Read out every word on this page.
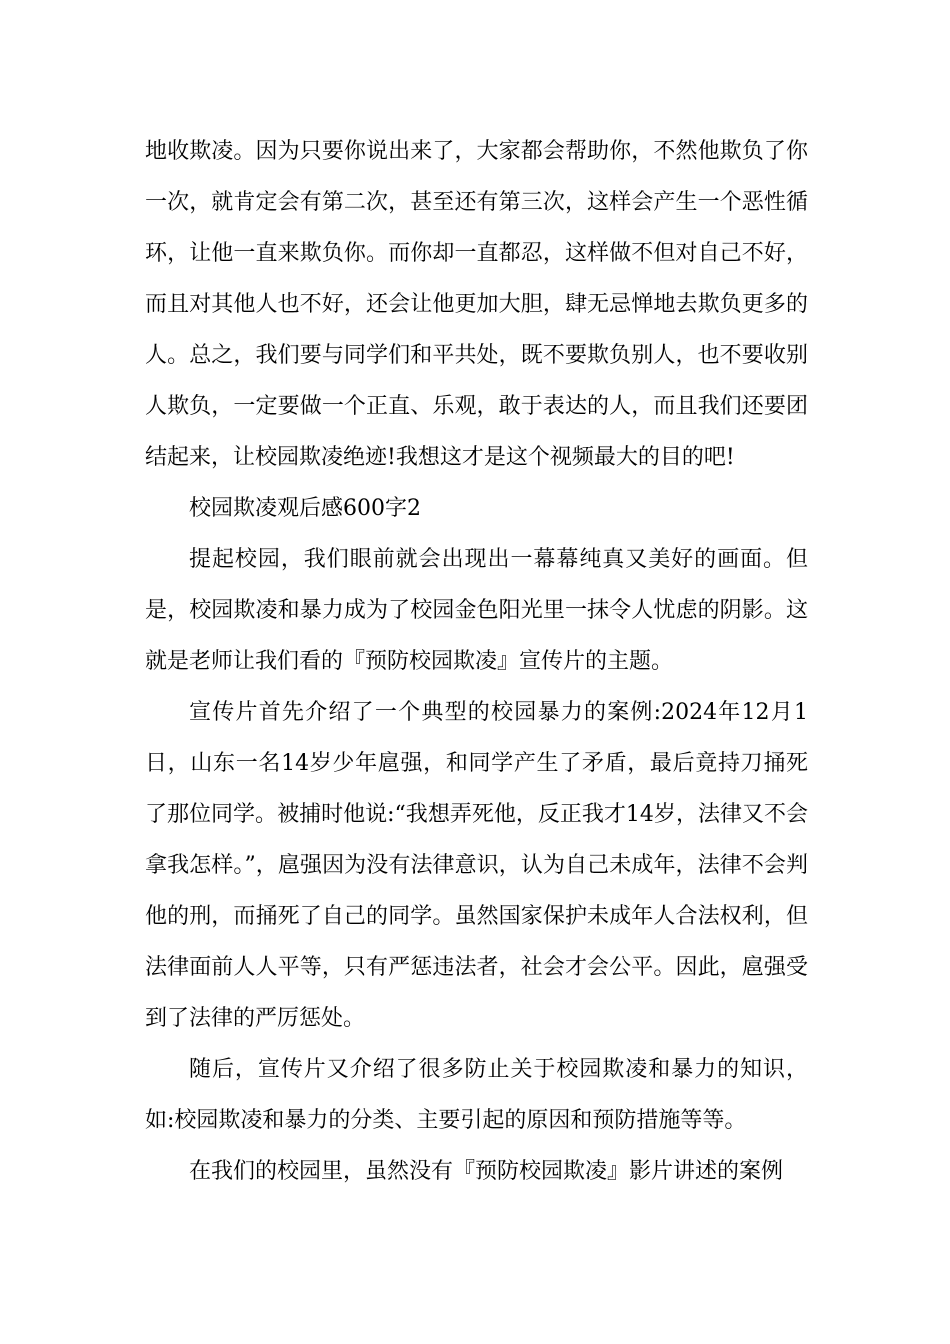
地收欺凌。因为只要你说出来了，大家都会帮助你，不然他欺负了你一次，就肯定会有第二次，甚至还有第三次，这样会产生一个恶性循环，让他一直来欺负你。而你却一直都忍，这样做不但对自己不好，而且对其他人也不好，还会让他更加大胆，肆无忌惮地去欺负更多的人。总之，我们要与同学们和平共处，既不要欺负别人，也不要收别人欺负，一定要做一个正直、乐观，敢于表达的人，而且我们还要团结起来，让校园欺凌绝迹!我想这才是这个视频最大的目的吧!

校园欺凌观后感600字2

提起校园，我们眼前就会出现出一幕幕纯真又美好的画面。但是，校园欺凌和暴力成为了校园金色阳光里一抹令人忧虑的阴影。这就是老师让我们看的『预防校园欺凌』宣传片的主题。

宣传片首先介绍了一个典型的校园暴力的案例:2024年12月1日，山东一名14岁少年扈强，和同学产生了矛盾，最后竟持刀捅死了那位同学。被捕时他说:“我想弄死他，反正我才14岁，法律又不会拿我怎样。”，扈强因为没有法律意识，认为自己未成年，法律不会判他的刑，而捅死了自己的同学。虽然国家保护未成年人合法权利，但法律面前人人平等，只有严惩违法者，社会才会公平。因此，扈强受到了法律的严厉惩处。

随后，宣传片又介绍了很多防止关于校园欺凌和暴力的知识，如:校园欺凌和暴力的分类、主要引起的原因和预防措施等等。

在我们的校园里，虽然没有『预防校园欺凌』影片讲述的案例
